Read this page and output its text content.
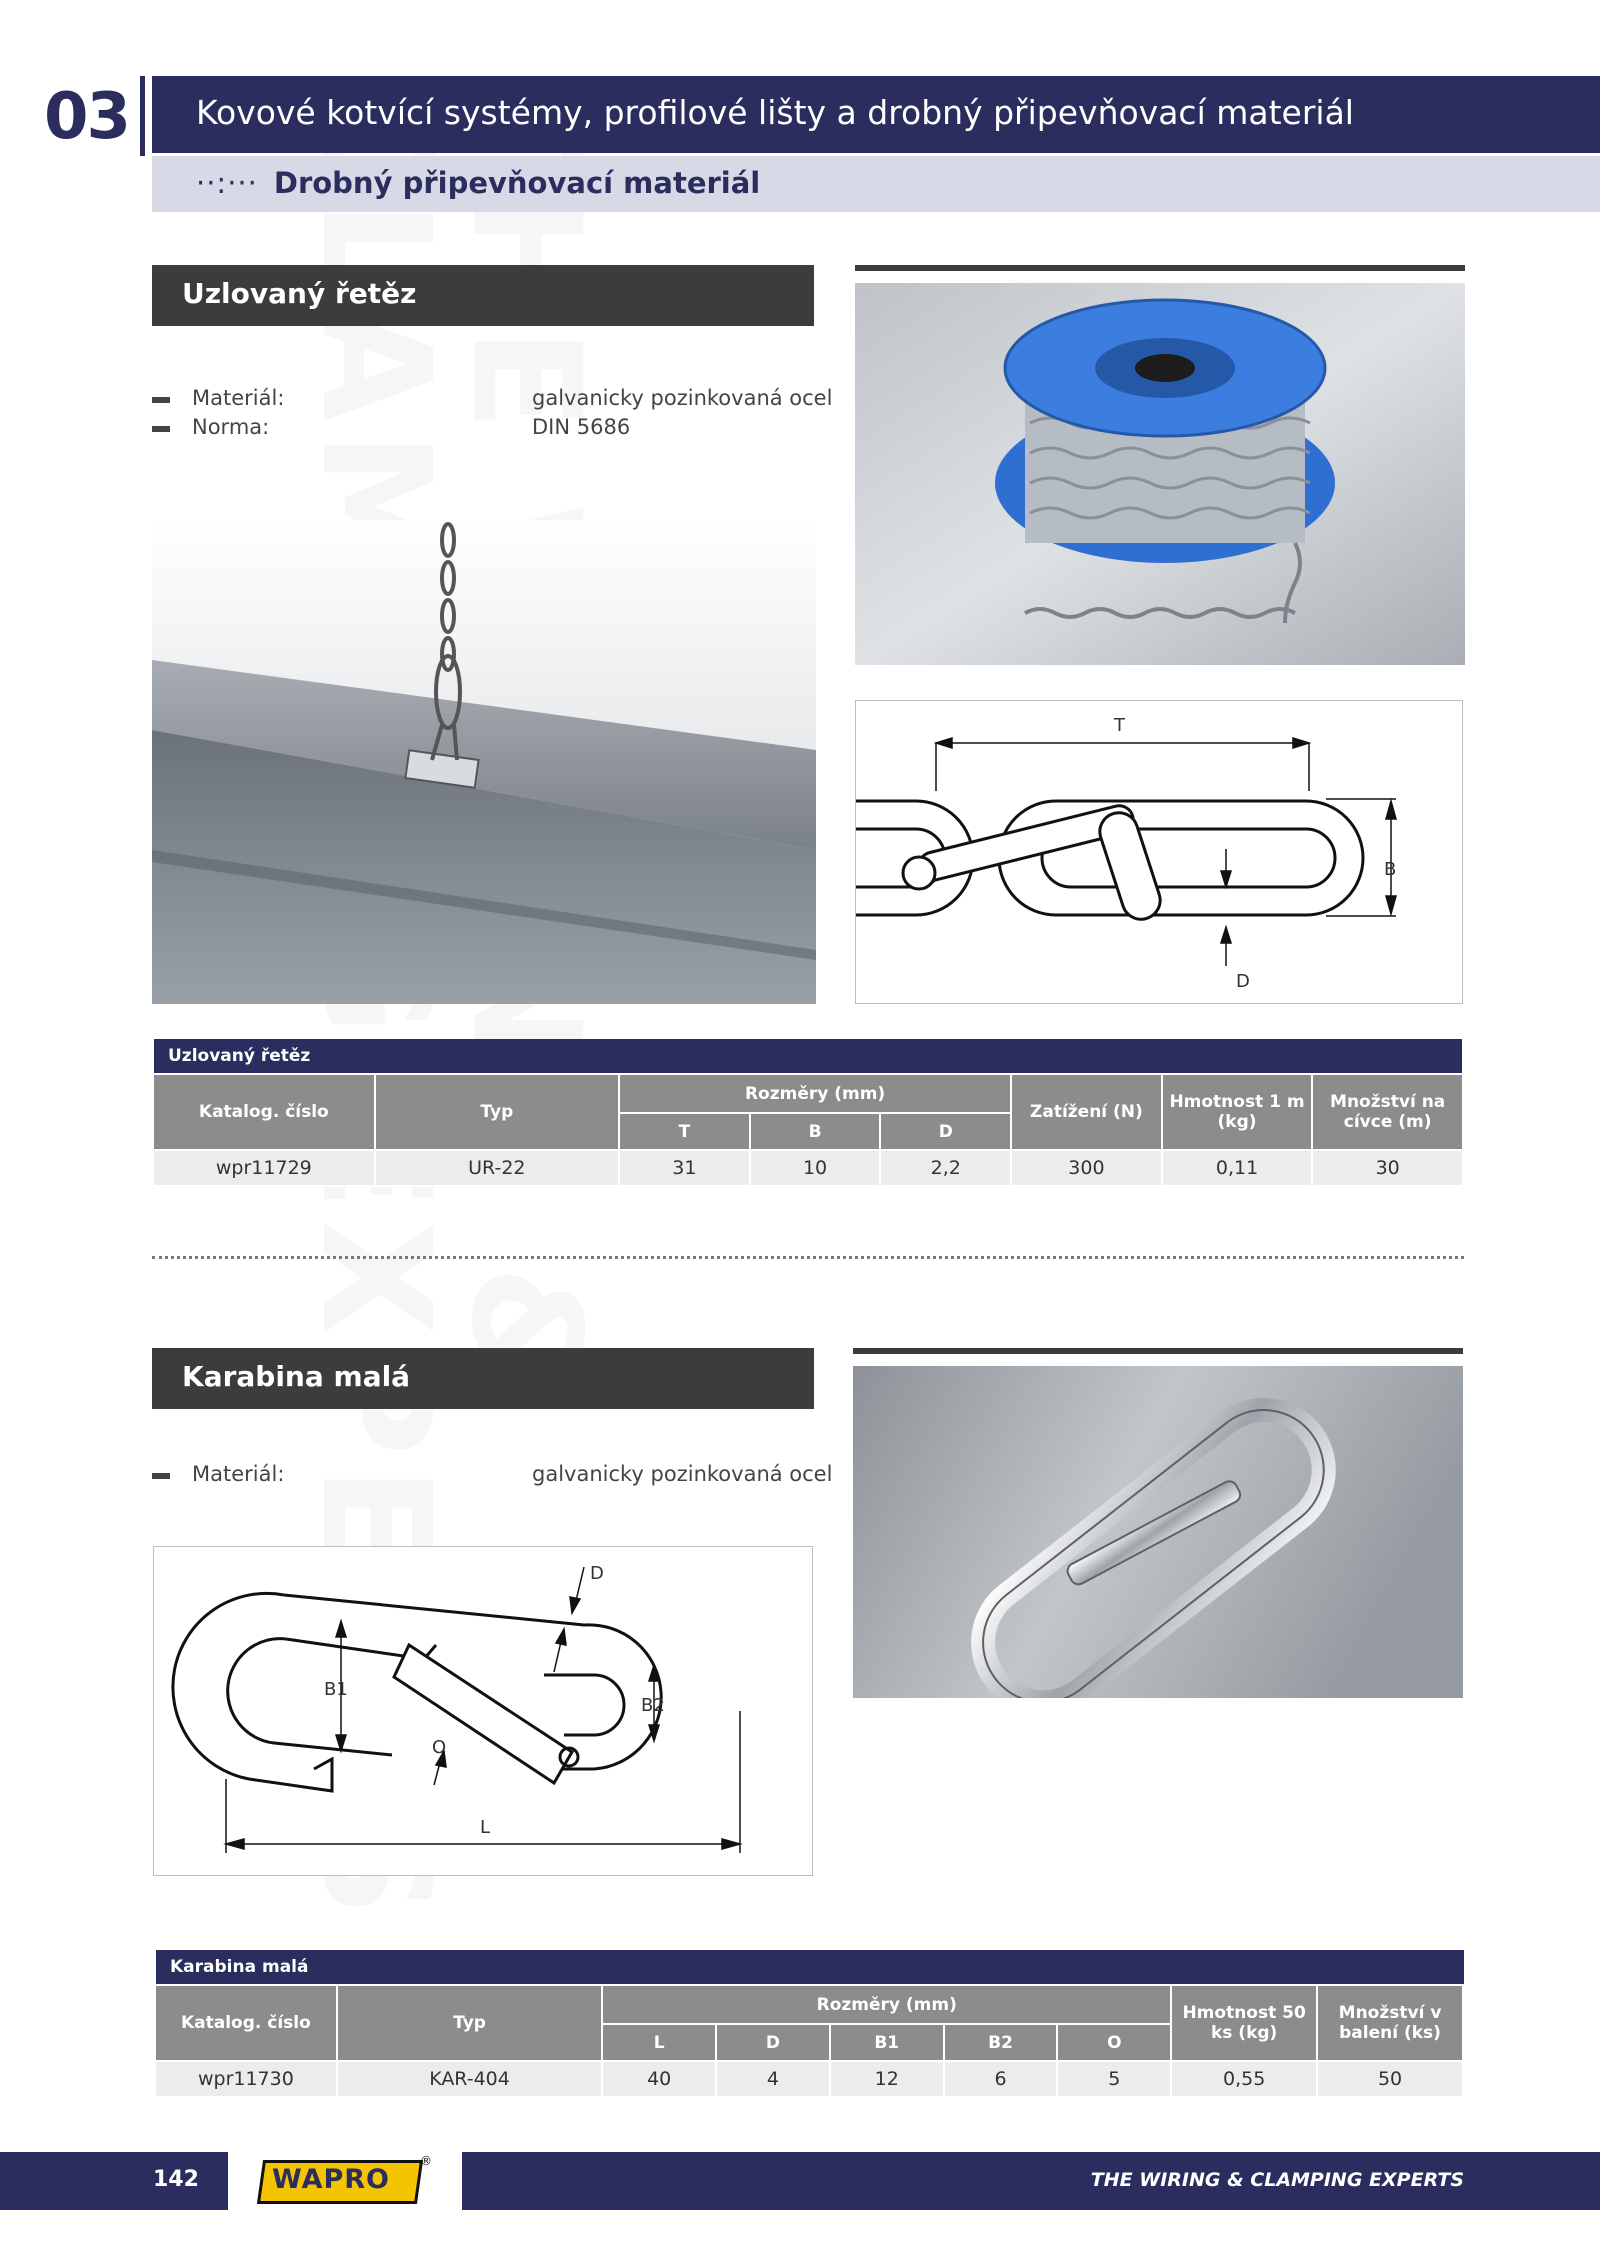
03	Kovové kotvící systémy, profilové lišty a drobný připevňovací materiál
··:··· Drobný připevňovací materiál
Uzlovaný řetěz
Materiál:	galvanicky pozinkovaná ocel
Norma:	DIN 5686
T
B
D
Uzlovaný řetěz
Katalog. číslo	Typ	Rozměry (mm)			Zatížení (N)	Hmotnost 1 m (kg)	Množství na cívce (m)
		T	B	D			
wpr11729	UR-22	31	10	2,2	300	0,11	30
Karabina malá
Materiál:	galvanicky pozinkovaná ocel
D
B1
B2
O
L
Karabina malá
Katalog. číslo	Typ	Rozměry (mm)					Hmotnost 50 ks (kg)	Množství v balení (ks)
		L	D	B1	B2	O		
wpr11730	KAR-404	40	4	12	6	5	0,55	50
142	WAPRO
®
THE WIRING & CLAMPING EXPERTS
